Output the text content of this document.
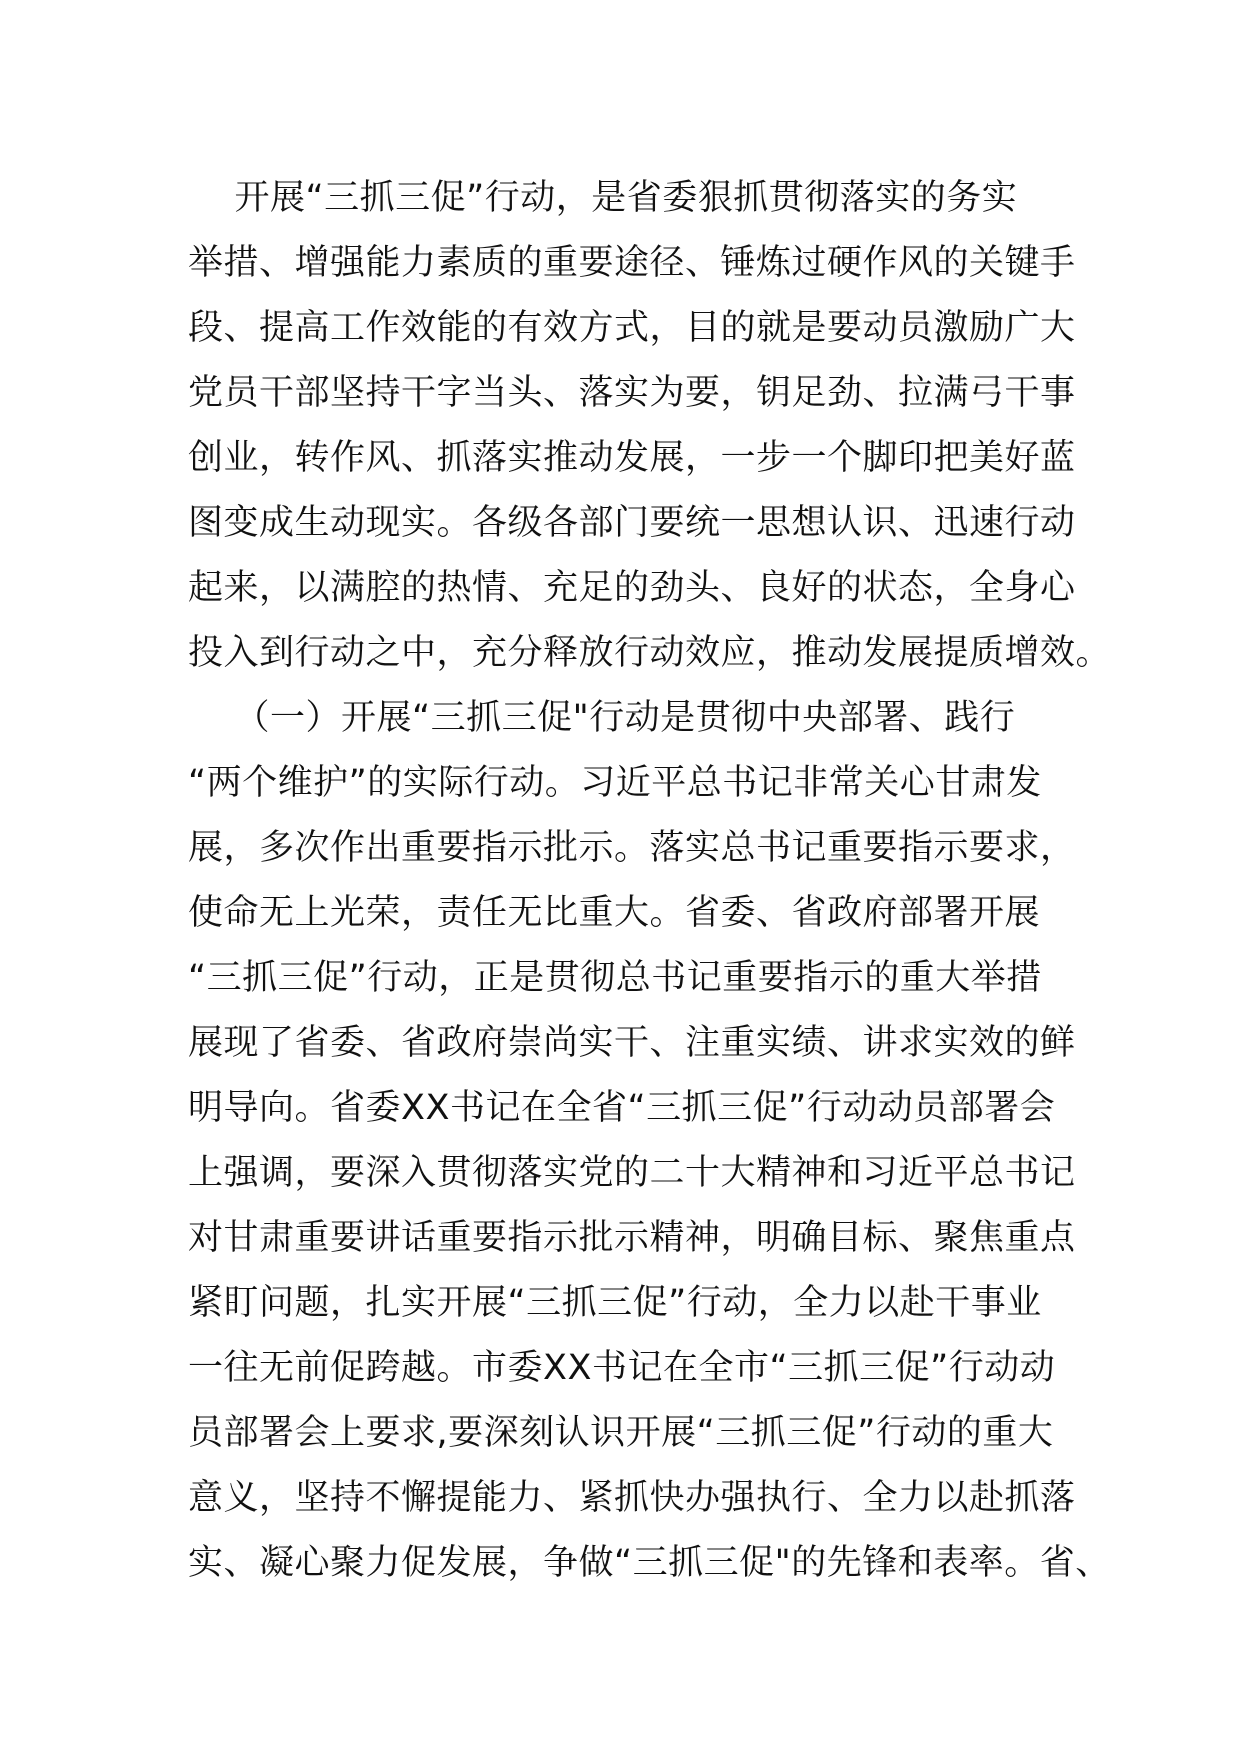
开展“三抓三促”行动，是省委狠抓贯彻落实的务实
举措、增强能力素质的重要途径、锤炼过硬作风的关键手
段、提高工作效能的有效方式，目的就是要动员激励广大
党员干部坚持干字当头、落实为要，钥足劲、拉满弓干事
创业，转作风、抓落实推动发展，一步一个脚印把美好蓝
图变成生动现实。各级各部门要统一思想认识、迅速行动
起来，以满腔的热情、充足的劲头、良好的状态，全身心
投入到行动之中，充分释放行动效应，推动发展提质增效。
（一）开展“三抓三促"行动是贯彻中央部署、践行
“两个维护”的实际行动。习近平总书记非常关心甘肃发
展，多次作出重要指示批示。落实总书记重要指示要求，
使命无上光荣，责任无比重大。省委、省政府部署开展
“三抓三促”行动，正是贯彻总书记重要指示的重大举措
展现了省委、省政府崇尚实干、注重实绩、讲求实效的鲜
明导向。省委XX书记在全省“三抓三促”行动动员部署会
上强调，要深入贯彻落实党的二十大精神和习近平总书记
对甘肃重要讲话重要指示批示精神，明确目标、聚焦重点
紧盯问题，扎实开展“三抓三促”行动，全力以赴干事业
一往无前促跨越。市委XX书记在全市“三抓三促”行动动
员部署会上要求,要深刻认识开展“三抓三促”行动的重大
意义，坚持不懈提能力、紧抓快办强执行、全力以赴抓落
实、凝心聚力促发展，争做“三抓三促"的先锋和表率。省、
